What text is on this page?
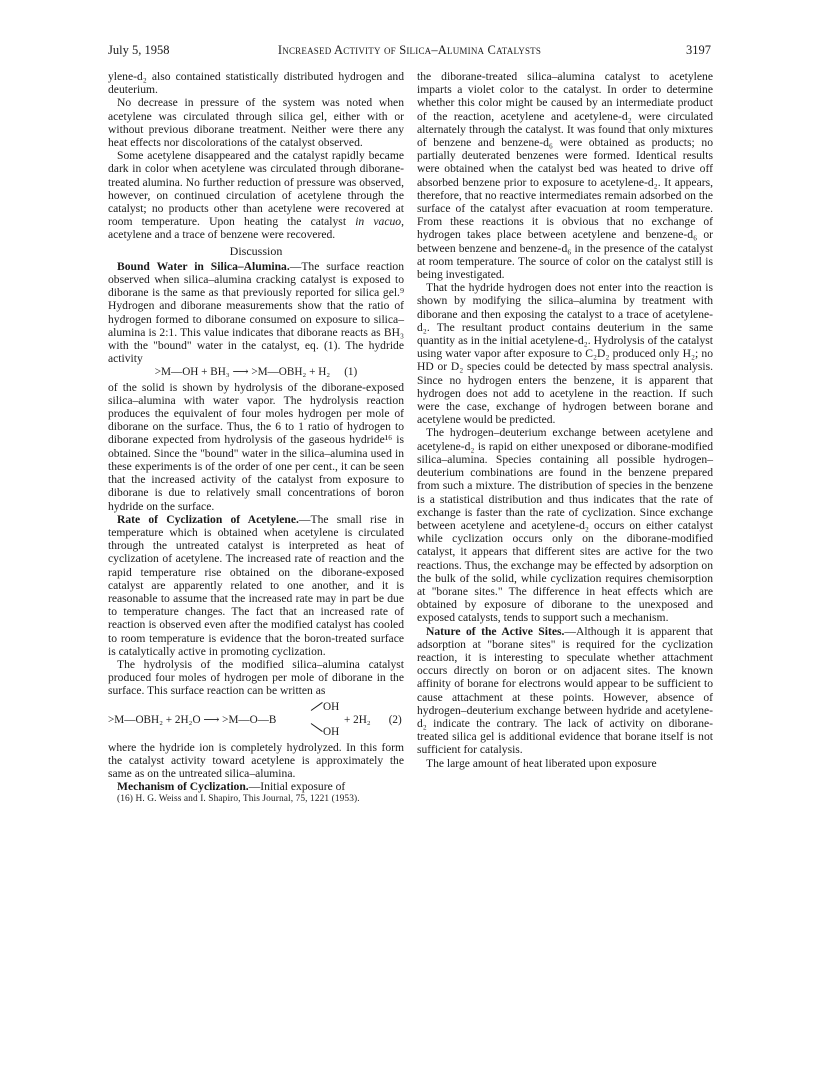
July 5, 1958	Increased Activity of Silica–Alumina Catalysts	3197

ylene-d₂ also contained statistically distributed hydrogen and deuterium.

No decrease in pressure of the system was noted when acetylene was circulated through silica gel, either with or without previous diborane treatment. Neither were there any heat effects nor discolorations of the catalyst observed.

Some acetylene disappeared and the catalyst rapidly became dark in color when acetylene was circulated through diborane-treated alumina. No further reduction of pressure was observed, however, on continued circulation of acetylene through the catalyst; no products other than acetylene were recovered at room temperature. Upon heating the catalyst in vacuo, acetylene and a trace of benzene were recovered.

Discussion

Bound Water in Silica–Alumina.—The surface reaction observed when silica–alumina cracking catalyst is exposed to diborane is the same as that previously reported for silica gel.⁹ Hydrogen and diborane measurements show that the ratio of hydrogen formed to diborane consumed on exposure to silica–alumina is 2:1. This value indicates that diborane reacts as BH₃ with the "bound" water in the catalyst, eq. (1). The hydride activity

>M—OH + BH₃ ⟶ >M—OBH₂ + H₂ (1)

of the solid is shown by hydrolysis of the diborane-exposed silica–alumina with water vapor. The hydrolysis reaction produces the equivalent of four moles hydrogen per mole of diborane on the surface. Thus, the 6 to 1 ratio of hydrogen to diborane expected from hydrolysis of the gaseous hydride¹⁶ is obtained. Since the "bound" water in the silica–alumina used in these experiments is of the order of one per cent., it can be seen that the increased activity of the catalyst from exposure to diborane is due to relatively small concentrations of boron hydride on the surface.

Rate of Cyclization of Acetylene.—The small rise in temperature which is obtained when acetylene is circulated through the untreated catalyst is interpreted as heat of cyclization of acetylene. The increased rate of reaction and the rapid temperature rise obtained on the diborane-exposed catalyst are apparently related to one another, and it is reasonable to assume that the increased rate may in part be due to temperature changes. The fact that an increased rate of reaction is observed even after the modified catalyst has cooled to room temperature is evidence that the boron-treated surface is catalytically active in promoting cyclization.

The hydrolysis of the modified silica–alumina catalyst produced four moles of hydrogen per mole of diborane in the surface. This surface reaction can be written as

>M—OBH₂ + 2H₂O ⟶ >M—O—B
OH
OH
+ 2H₂ (2)

where the hydride ion is completely hydrolyzed. In this form the catalyst activity toward acetylene is approximately the same as on the untreated silica–alumina.

Mechanism of Cyclization.—Initial exposure of

(16) H. G. Weiss and I. Shapiro, This Journal, 75, 1221 (1953).

the diborane-treated silica–alumina catalyst to acetylene imparts a violet color to the catalyst. In order to determine whether this color might be caused by an intermediate product of the reaction, acetylene and acetylene-d₂ were circulated alternately through the catalyst. It was found that only mixtures of benzene and benzene-d₆ were obtained as products; no partially deuterated benzenes were formed. Identical results were obtained when the catalyst bed was heated to drive off absorbed benzene prior to exposure to acetylene-d₂. It appears, therefore, that no reactive intermediates remain adsorbed on the surface of the catalyst after evacuation at room temperature. From these reactions it is obvious that no exchange of hydrogen takes place between acetylene and benzene-d₆ or between benzene and benzene-d₆ in the presence of the catalyst at room temperature. The source of color on the catalyst still is being investigated.

That the hydride hydrogen does not enter into the reaction is shown by modifying the silica–alumina by treatment with diborane and then exposing the catalyst to a trace of acetylene-d₂. The resultant product contains deuterium in the same quantity as in the initial acetylene-d₂. Hydrolysis of the catalyst using water vapor after exposure to C₂D₂ produced only H₂; no HD or D₂ species could be detected by mass spectral analysis. Since no hydrogen enters the benzene, it is apparent that hydrogen does not add to acetylene in the reaction. If such were the case, exchange of hydrogen between borane and acetylene would be predicted.

The hydrogen–deuterium exchange between acetylene and acetylene-d₂ is rapid on either unexposed or diborane-modified silica–alumina. Species containing all possible hydrogen–deuterium combinations are found in the benzene prepared from such a mixture. The distribution of species in the benzene is a statistical distribution and thus indicates that the rate of exchange is faster than the rate of cyclization. Since exchange between acetylene and acetylene-d₂ occurs on either catalyst while cyclization occurs only on the diborane-modified catalyst, it appears that different sites are active for the two reactions. Thus, the exchange may be effected by adsorption on the bulk of the solid, while cyclization requires chemisorption at "borane sites." The difference in heat effects which are obtained by exposure of diborane to the unexposed and exposed catalysts, tends to support such a mechanism.

Nature of the Active Sites.—Although it is apparent that adsorption at "borane sites" is required for the cyclization reaction, it is interesting to speculate whether attachment occurs directly on boron or on adjacent sites. The known affinity of borane for electrons would appear to be sufficient to cause attachment at these points. However, absence of hydrogen–deuterium exchange between hydride and acetylene-d₂ indicate the contrary. The lack of activity on diborane-treated silica gel is additional evidence that borane itself is not sufficient for catalysis.

The large amount of heat liberated upon exposure
